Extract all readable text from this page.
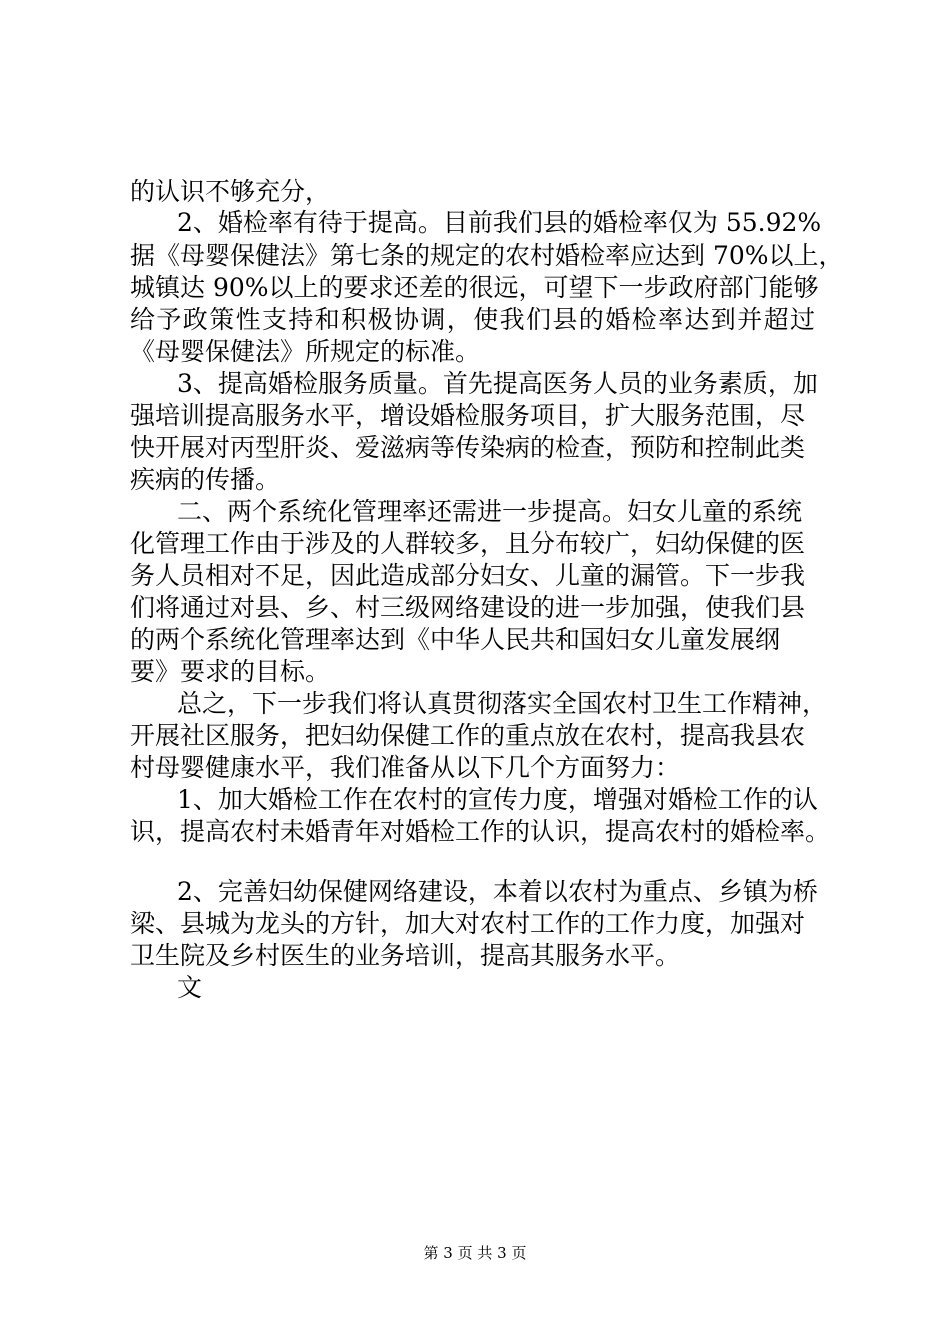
的认识不够充分，
2、婚检率有待于提高。目前我们县的婚检率仅为 55.92%
据《母婴保健法》第七条的规定的农村婚检率应达到 70%以上，
城镇达 90%以上的要求还差的很远，可望下一步政府部门能够
给予政策性支持和积极协调，使我们县的婚检率达到并超过
《母婴保健法》所规定的标准。
3、提高婚检服务质量。首先提高医务人员的业务素质，加
强培训提高服务水平，增设婚检服务项目，扩大服务范围，尽
快开展对丙型肝炎、爱滋病等传染病的检查，预防和控制此类
疾病的传播。
二、两个系统化管理率还需进一步提高。妇女儿童的系统
化管理工作由于涉及的人群较多，且分布较广，妇幼保健的医
务人员相对不足，因此造成部分妇女、儿童的漏管。下一步我
们将通过对县、乡、村三级网络建设的进一步加强，使我们县
的两个系统化管理率达到《中华人民共和国妇女儿童发展纲
要》要求的目标。
总之，下一步我们将认真贯彻落实全国农村卫生工作精神，
开展社区服务，把妇幼保健工作的重点放在农村，提高我县农
村母婴健康水平，我们准备从以下几个方面努力：
1、加大婚检工作在农村的宣传力度，增强对婚检工作的认
识，提高农村未婚青年对婚检工作的认识，提高农村的婚检率。
2、完善妇幼保健网络建设，本着以农村为重点、乡镇为桥
梁、县城为龙头的方针，加大对农村工作的工作力度，加强对
卫生院及乡村医生的业务培训，提高其服务水平。
文
第 3 页 共 3 页
